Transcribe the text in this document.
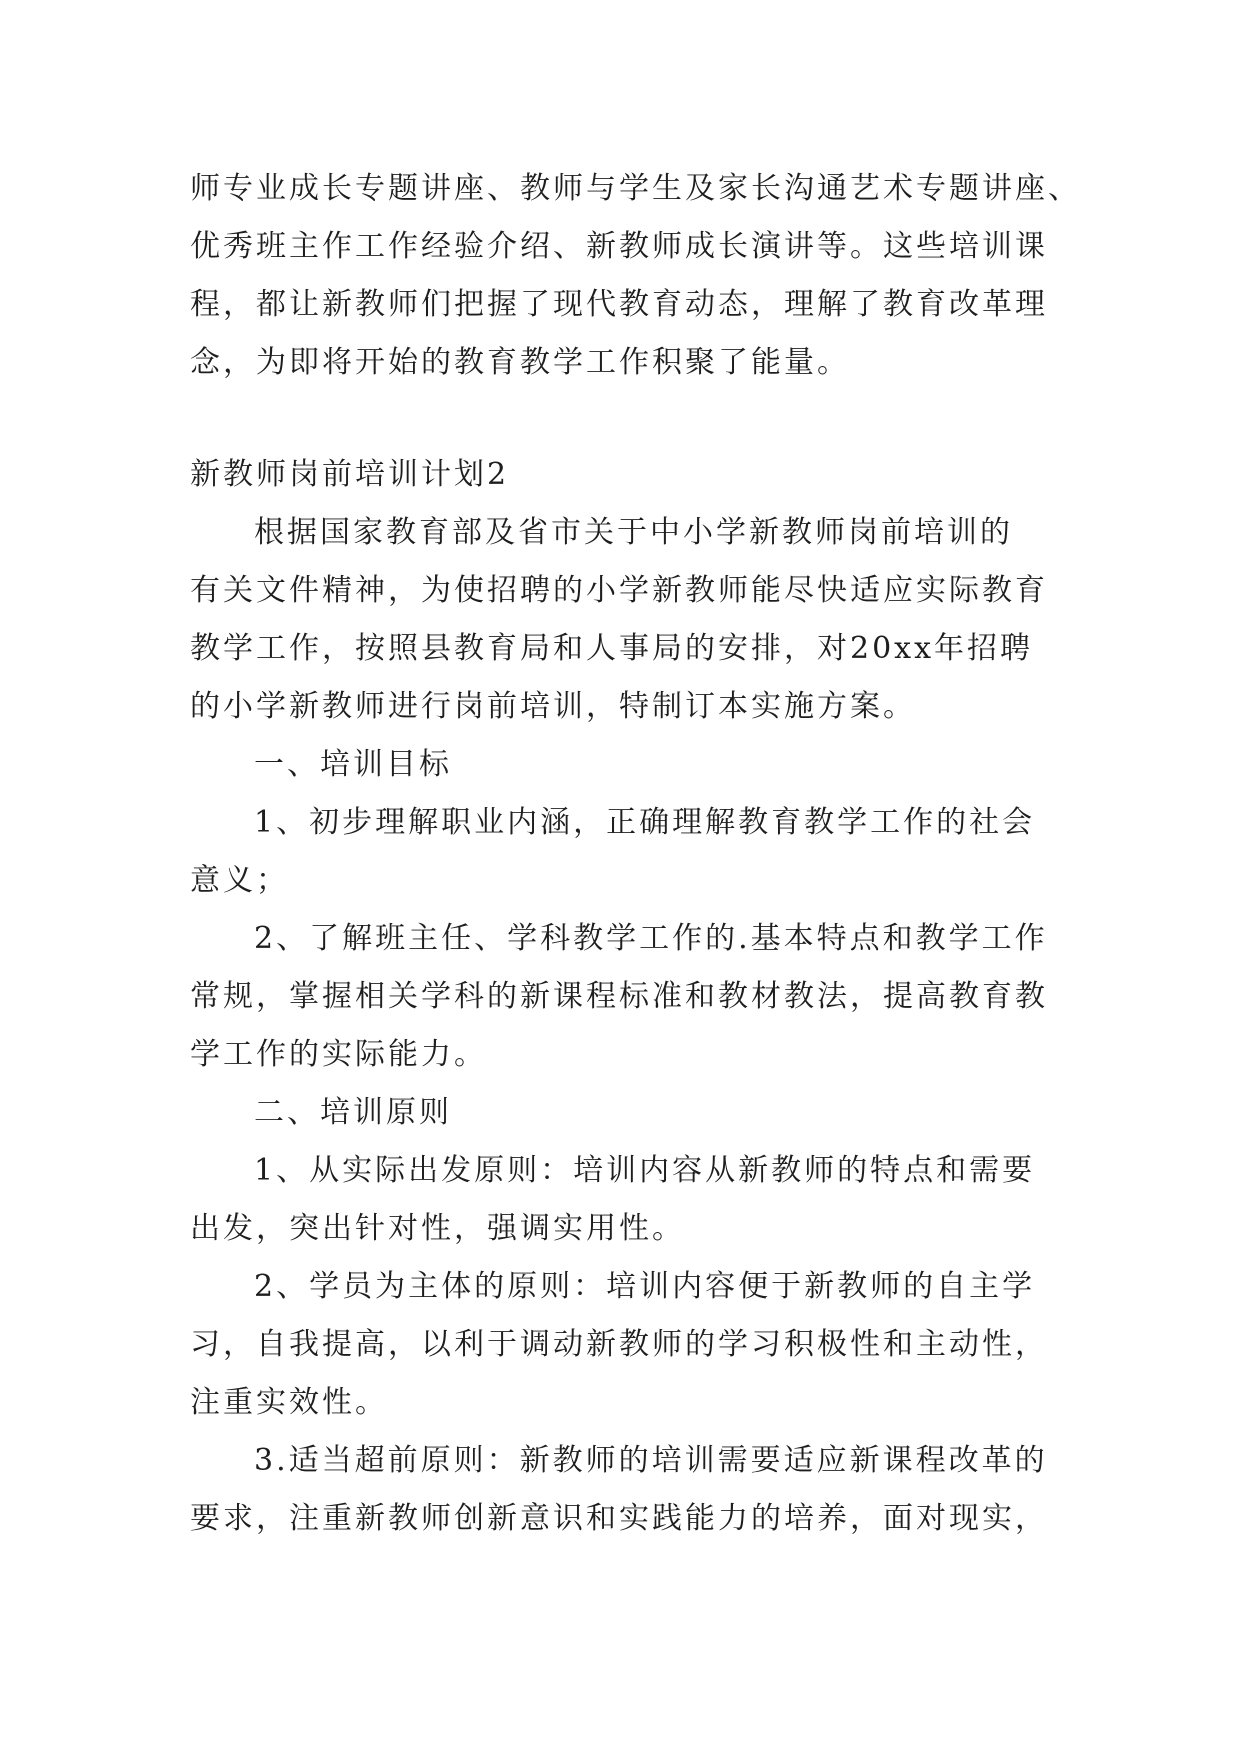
师专业成长专题讲座、教师与学生及家长沟通艺术专题讲座、
优秀班主作工作经验介绍、新教师成长演讲等。这些培训课
程，都让新教师们把握了现代教育动态，理解了教育改革理
念，为即将开始的教育教学工作积聚了能量。
新教师岗前培训计划2
根据国家教育部及省市关于中小学新教师岗前培训的
有关文件精神，为使招聘的小学新教师能尽快适应实际教育
教学工作，按照县教育局和人事局的安排，对20xx年招聘
的小学新教师进行岗前培训，特制订本实施方案。
一、培训目标
1、初步理解职业内涵，正确理解教育教学工作的社会
意义；
2、了解班主任、学科教学工作的.基本特点和教学工作
常规，掌握相关学科的新课程标准和教材教法，提高教育教
学工作的实际能力。
二、培训原则
1、从实际出发原则：培训内容从新教师的特点和需要
出发，突出针对性，强调实用性。
2、学员为主体的原则：培训内容便于新教师的自主学
习，自我提高，以利于调动新教师的学习积极性和主动性，
注重实效性。
3.适当超前原则：新教师的培训需要适应新课程改革的
要求，注重新教师创新意识和实践能力的培养，面对现实，
